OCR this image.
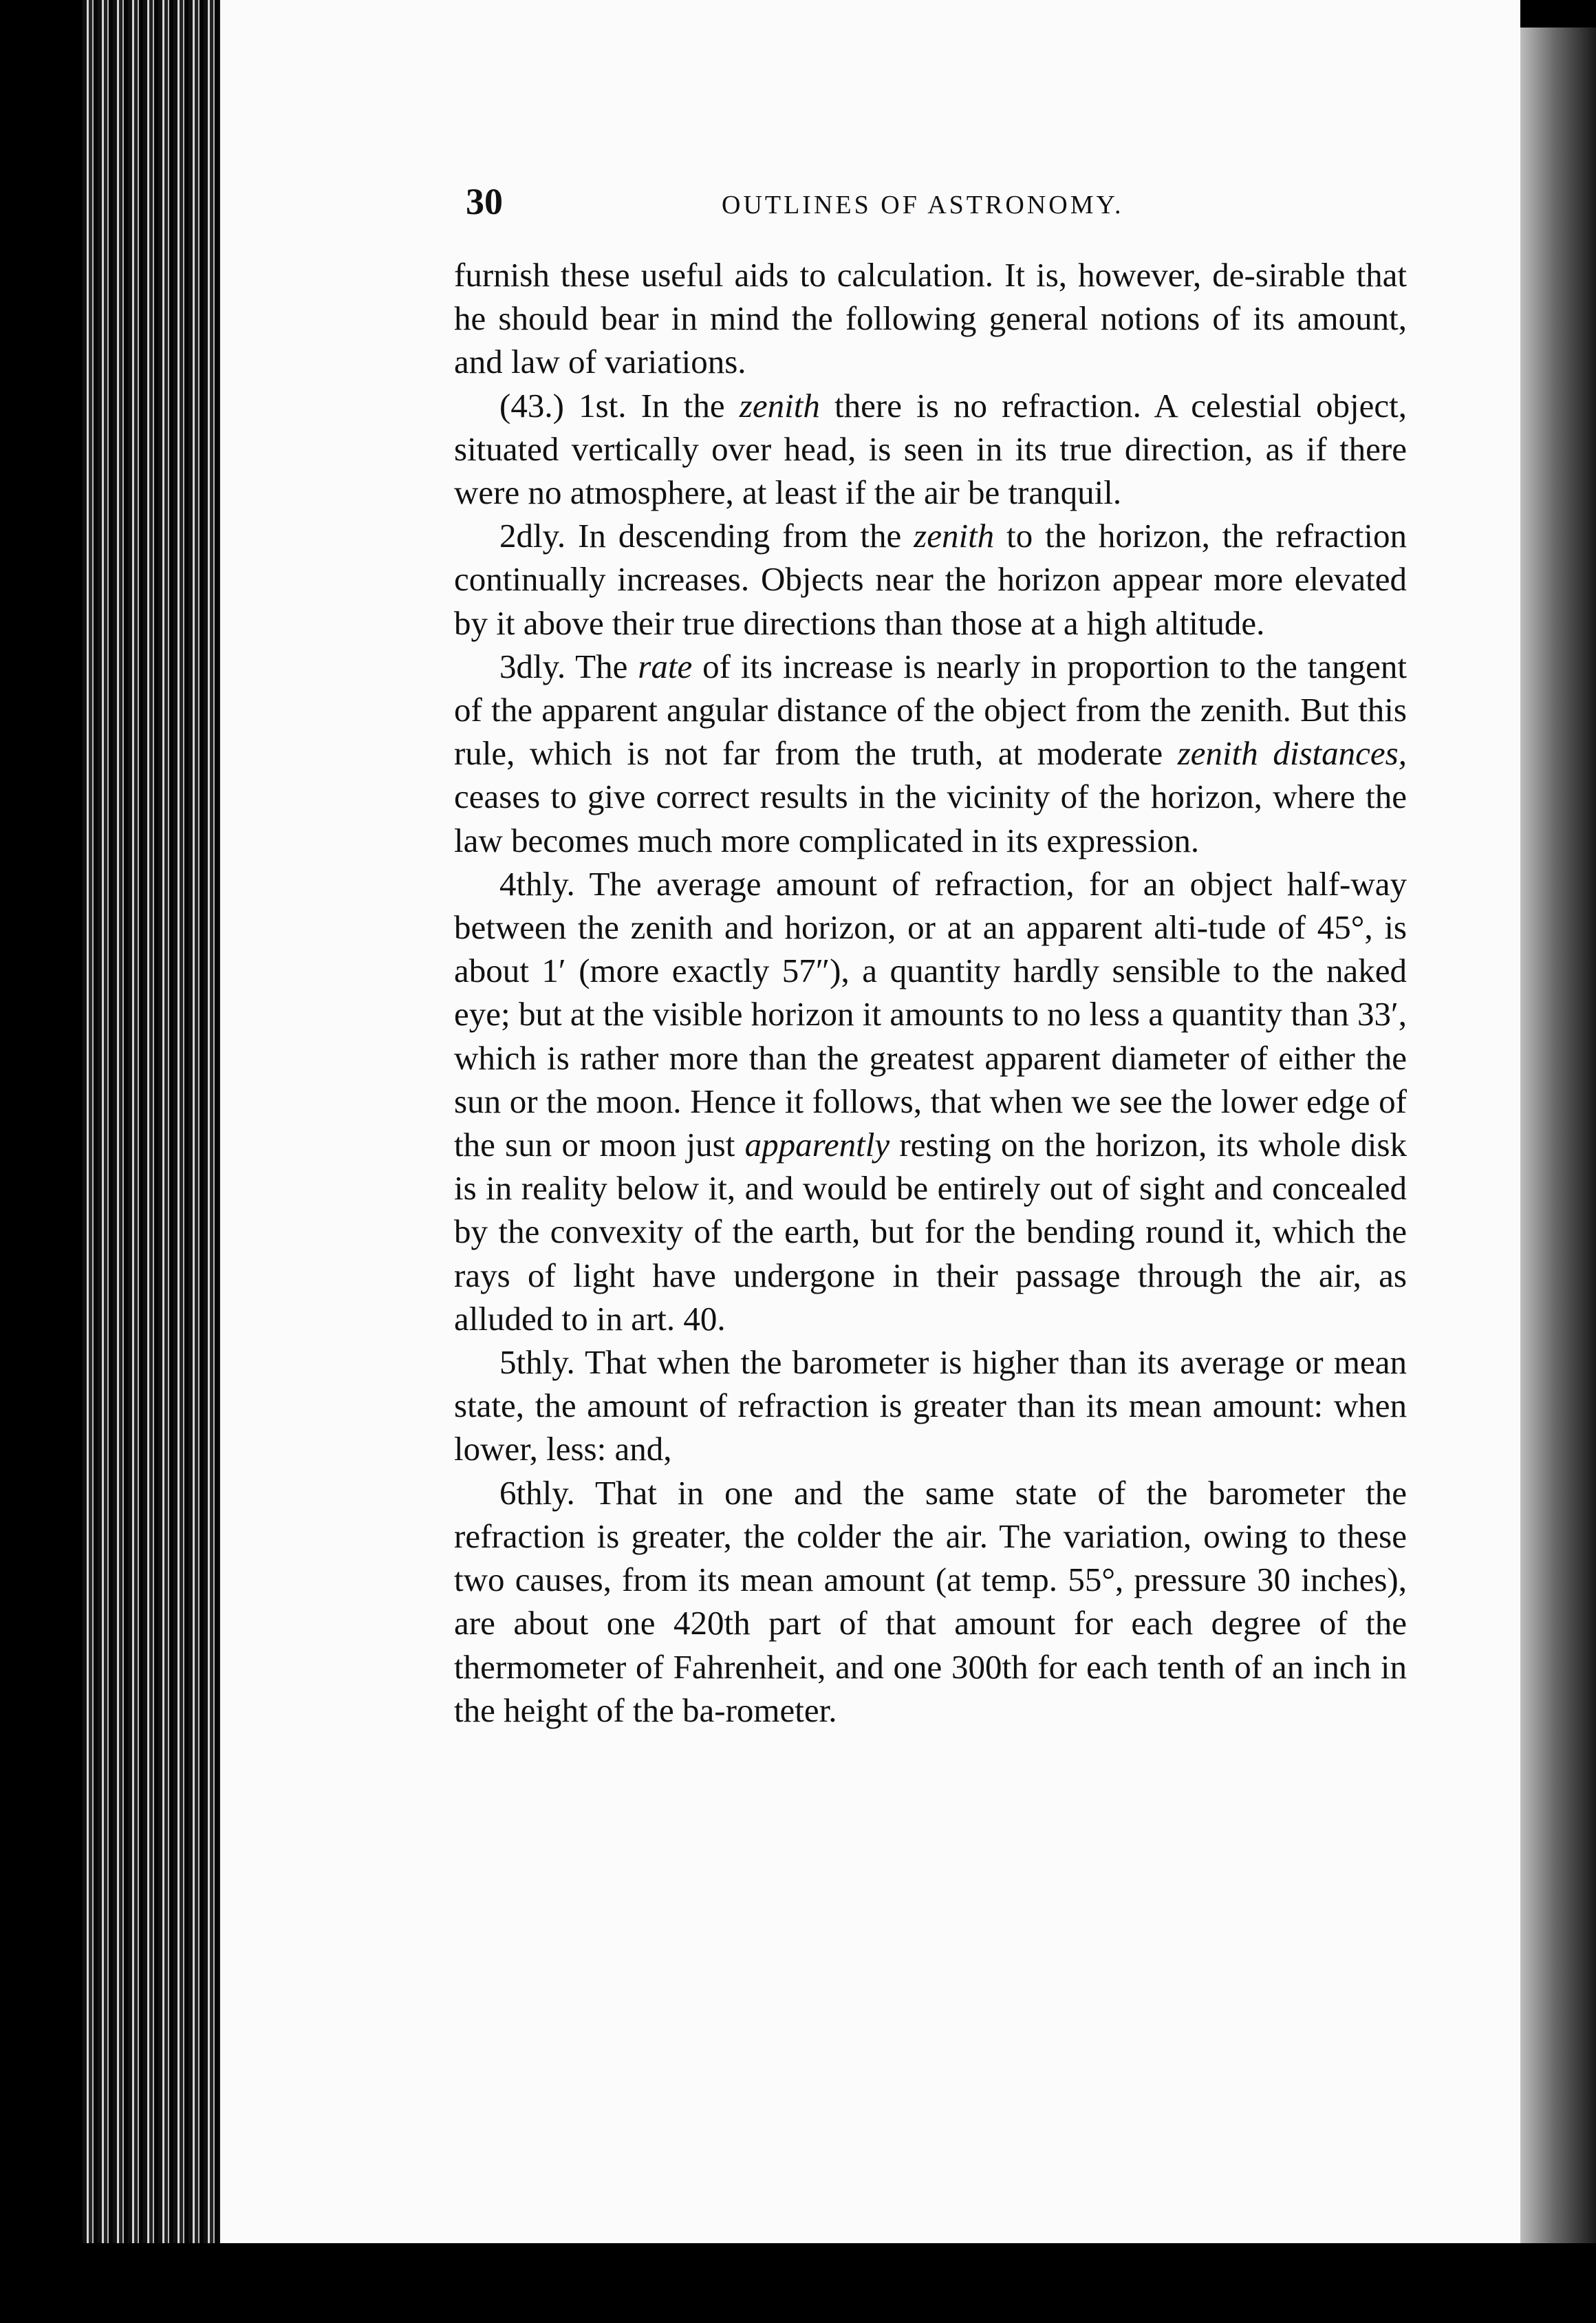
30	OUTLINES OF ASTRONOMY.

furnish these useful aids to calculation. It is, however, de-sirable that he should bear in mind the following general notions of its amount, and law of variations.

(43.) 1st. In the zenith there is no refraction. A celestial object, situated vertically over head, is seen in its true direction, as if there were no atmosphere, at least if the air be tranquil.

2dly. In descending from the zenith to the horizon, the refraction continually increases. Objects near the horizon appear more elevated by it above their true directions than those at a high altitude.

3dly. The rate of its increase is nearly in proportion to the tangent of the apparent angular distance of the object from the zenith. But this rule, which is not far from the truth, at moderate zenith distances, ceases to give correct results in the vicinity of the horizon, where the law becomes much more complicated in its expression.

4thly. The average amount of refraction, for an object half-way between the zenith and horizon, or at an apparent alti-tude of 45°, is about 1′ (more exactly 57″), a quantity hardly sensible to the naked eye; but at the visible horizon it amounts to no less a quantity than 33′, which is rather more than the greatest apparent diameter of either the sun or the moon. Hence it follows, that when we see the lower edge of the sun or moon just apparently resting on the horizon, its whole disk is in reality below it, and would be entirely out of sight and concealed by the convexity of the earth, but for the bending round it, which the rays of light have undergone in their passage through the air, as alluded to in art. 40.

5thly. That when the barometer is higher than its average or mean state, the amount of refraction is greater than its mean amount: when lower, less: and,

6thly. That in one and the same state of the barometer the refraction is greater, the colder the air. The variation, owing to these two causes, from its mean amount (at temp. 55°, pressure 30 inches), are about one 420th part of that amount for each degree of the thermometer of Fahrenheit, and one 300th for each tenth of an inch in the height of the ba-rometer.
